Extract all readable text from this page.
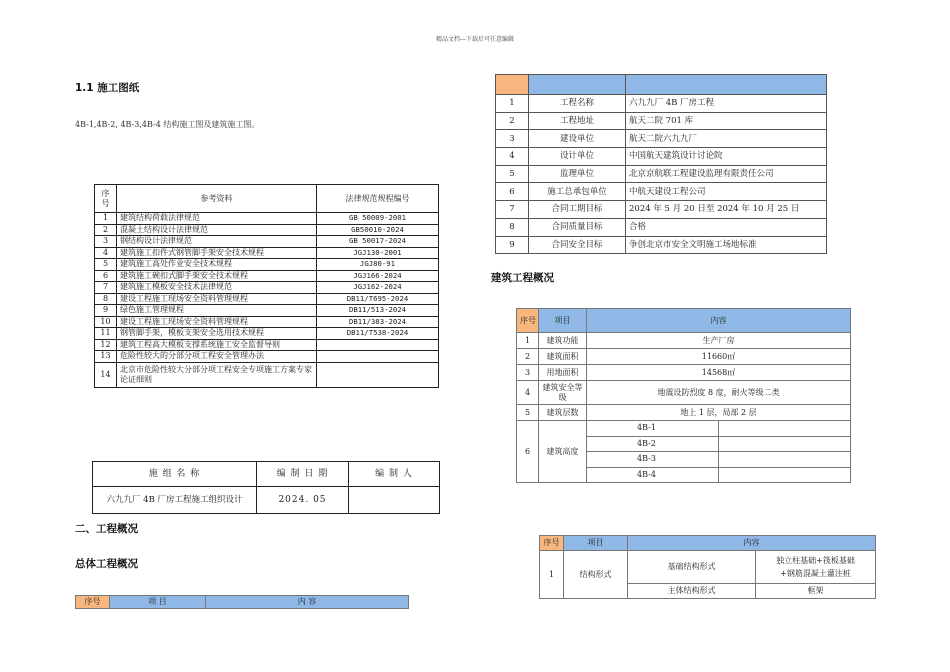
精品文档---下载后可任意编辑
1.1 施工图纸
4B-1,4B-2, 4B-3,4B-4 结构施工图及建筑施工图。
序号	参考资料	法律规范规程编号
1	建筑结构荷载法律规范	GB 50009-2001
2	混凝土结构设计法律规范	GB50010-2024
3	钢结构设计法律规范	GB 50017-2024
4	建筑施工扣件式钢管脚手架安全技术规程	JGJ130-2001
5	建筑施工高处作业安全技术规程	JGJ80-91
6	建筑施工碗扣式脚手架安全技术规程	JGJ166-2024
7	建筑施工模板安全技术法律规范	JGJ162-2024
8	建设工程施工现场安全资料管理规程	DB11/T695-2024
9	绿色施工管理规程	DB11/513-2024
10	建设工程施工现场安全资料管理规程	DB11/383-2024
11	钢管脚手架，模板支架安全选用技术规程	DB11/T538-2024
12	建筑工程高大模板支撑系统施工安全监督导则	
13	危险性较大的分部分项工程安全管理办法	
14	北京市危险性较大分部分项工程安全专项施工方案专家论证细则	
施 组 名 称	编 制 日 期	编 制 人
六九九厂 4B 厂房工程施工组织设计	2024. 05	
二、工程概况
总体工程概况
序号	项 目	内 容

1	工程名称	六九九厂 4B 厂房工程
2	工程地址	航天二院 701 库
3	建设单位	航天二院六九九厂
4	设计单位	中国航天建筑设计讨论院
5	监理单位	北京京航联工程建设监理有限责任公司
6	施工总承包单位	中航天建设工程公司
7	合同工期目标	2024 年 5 月 20 日至 2024 年 10 月 25 日
8	合同质量目标	合格
9	合同安全目标	争创北京市安全文明施工场地标准
建筑工程概况
序号	项目	内容	
1	建筑功能	生产厂房	
2	建筑面积	11660㎡	
3	用地面积	14568㎡	
4	建筑安全等级	地震设防烈度 8 度，耐火等级二类	
5	建筑层数	地上 1 层，局部 2 层	
6	建筑高度	4B-1	
		4B-2	
		4B-3	
		4B-4	
序号	项目	内容	
1	结构形式	基础结构形式	独立柱基础+筏板基础
+钢筋混凝土灌注桩

		主体结构形式	框架
